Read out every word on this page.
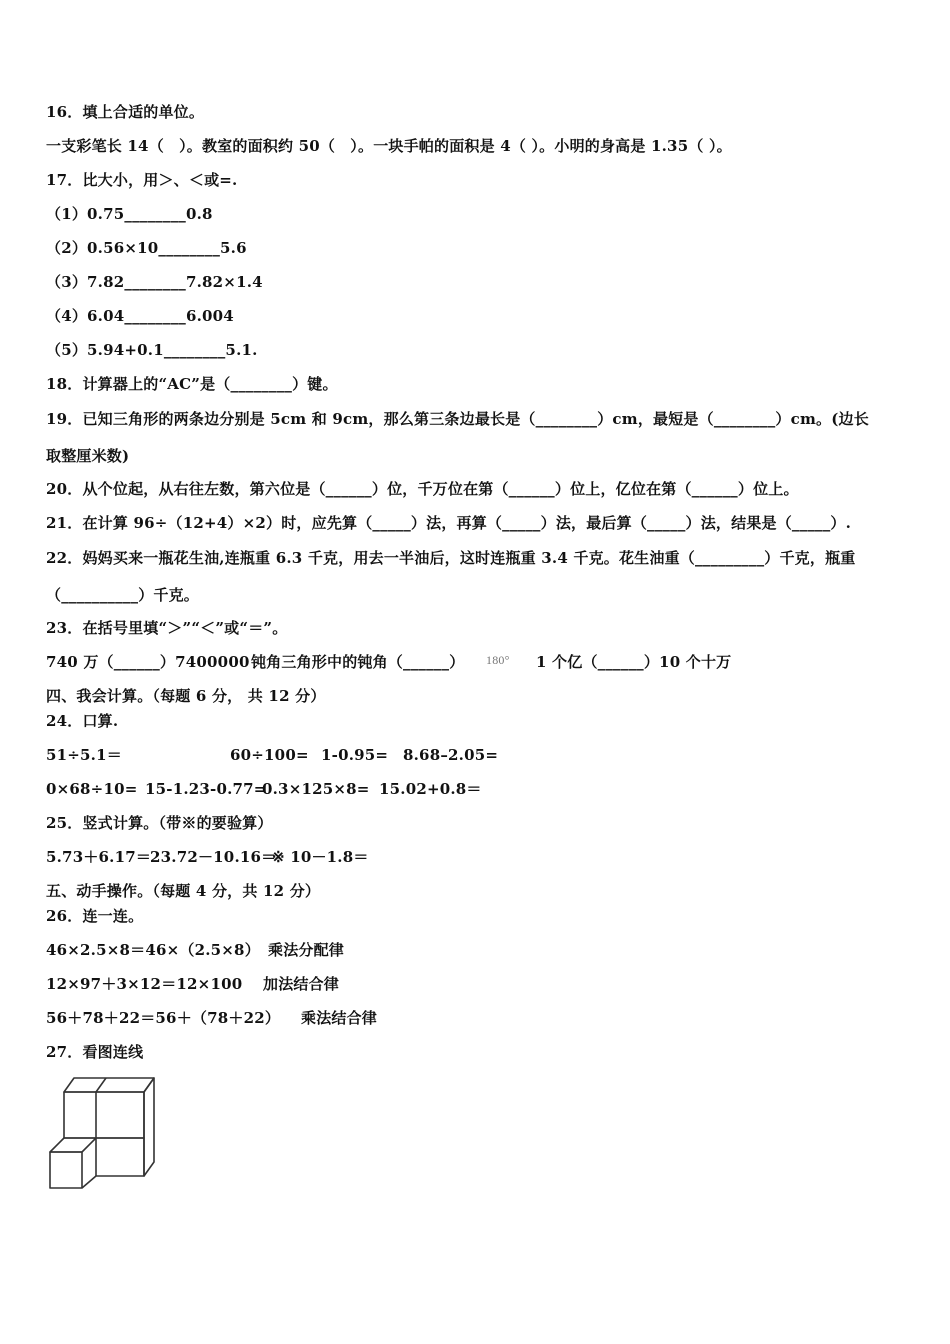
16．填上合适的单位。
一支彩笔长 14（　）。教室的面积约 50（　）。一块手帕的面积是 4（ ）。小明的身高是 1.35（ ）。
17．比大小，用＞、＜或=.
（1）0.75________0.8
（2）0.56×10________5.6
（3）7.82________7.82×1.4
（4）6.04________6.004
（5）5.94+0.1________5.1.
18．计算器上的“AC”是（________）键。
19．已知三角形的两条边分别是 5cm 和 9cm，那么第三条边最长是（________）cm，最短是（________）cm。(边长
取整厘米数)
20．从个位起，从右往左数，第六位是（______）位，千万位在第（______）位上，亿位在第（______）位上。
21．在计算 96÷（12+4）×2）时，应先算（_____）法，再算（_____）法，最后算（_____）法，结果是（_____）.
22．妈妈买来一瓶花生油,连瓶重 6.3 千克，用去一半油后，这时连瓶重 3.4 千克。花生油重（_________）千克，瓶重
（__________）千克。
23．在括号里填“＞”“＜”或“＝”。
740 万（______）7400000 钝角三角形中的钝角（______） 180° 1 个亿（______）10 个十万
四、我会计算。（每题 6 分， 共 12 分）
24．口算.
51÷5.1＝	60÷100= 1-0.95= 8.68–2.05=
0×68÷10= 15-1.23-0.77=
0.3×125×8= 15.02+0.8＝
25．竖式计算。（带※的要验算）
5.73＋6.17＝
23.72－10.16＝
※ 10－1.8＝
五、动手操作。（每题 4 分，共 12 分）
26．连一连。
46×2.5×8＝46×（2.5×8） 乘法分配律
12×97＋3×12＝12×100 加法结合律
56＋78＋22＝56＋（78＋22） 乘法结合律
27．看图连线
